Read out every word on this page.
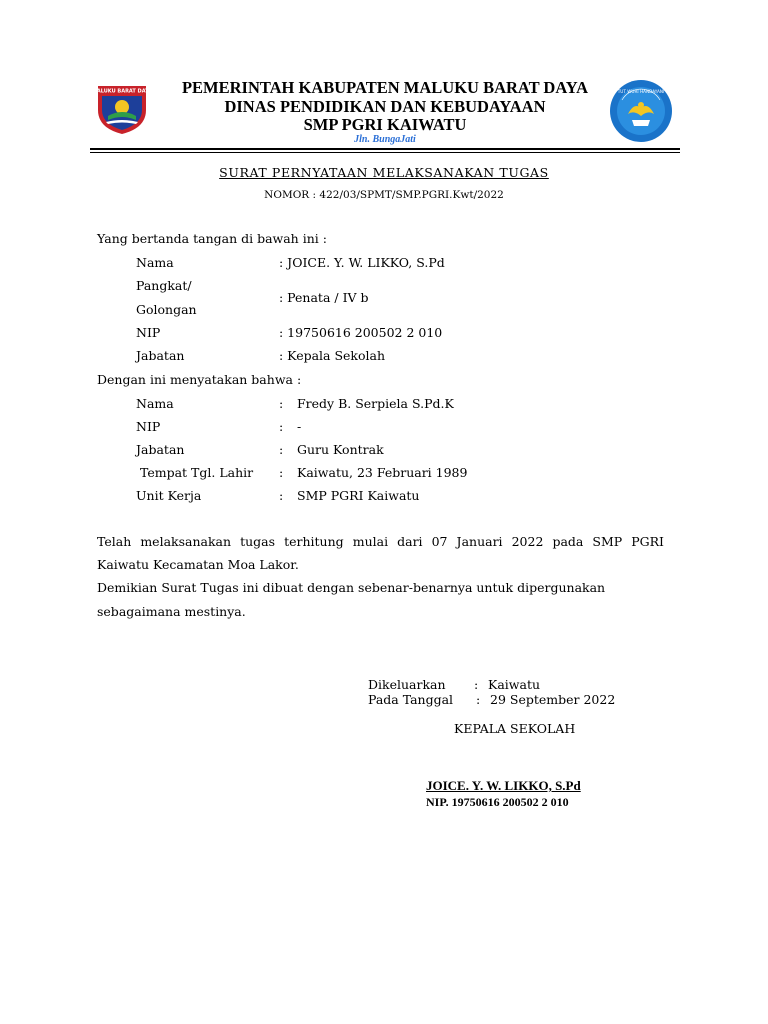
MALUKU BARAT DAYA	TUT WURI HANDAYANI
PEMERINTAH KABUPATEN MALUKU BARAT DAYA
DINAS PENDIDIKAN DAN KEBUDAYAAN
SMP PGRI KAIWATU
Jln. BungaJati
SURAT PERNYATAAN MELAKSANAKAN TUGAS
NOMOR : 422/03/SPMT/SMP.PGRI.Kwt/2022
Yang bertanda tangan di bawah ini :
Nama	: JOICE. Y. W. LIKKO, S.Pd
Pangkat/
Golongan
: Penata / IV b
NIP	: 19750616 200502 2 010
Jabatan	: Kepala Sekolah
Dengan ini menyatakan bahwa :
Nama	: Fredy B. Serpiela S.Pd.K
NIP	: -
Jabatan	: Guru Kontrak
Tempat Tgl. Lahir : Kaiwatu, 23 Februari 1989
Unit Kerja	: SMP PGRI Kaiwatu
Telah melaksanakan tugas terhitung mulai dari 07 Januari 2022 pada SMP PGRI
Kaiwatu Kecamatan Moa Lakor.
Demikian Surat Tugas ini dibuat dengan sebenar-benarnya untuk dipergunakan
sebagaimana mestinya.
Dikeluarkan : Kaiwatu
Pada Tanggal : 29 September 2022
KEPALA SEKOLAH
JOICE. Y. W. LIKKO, S.Pd
NIP. 19750616 200502 2 010
